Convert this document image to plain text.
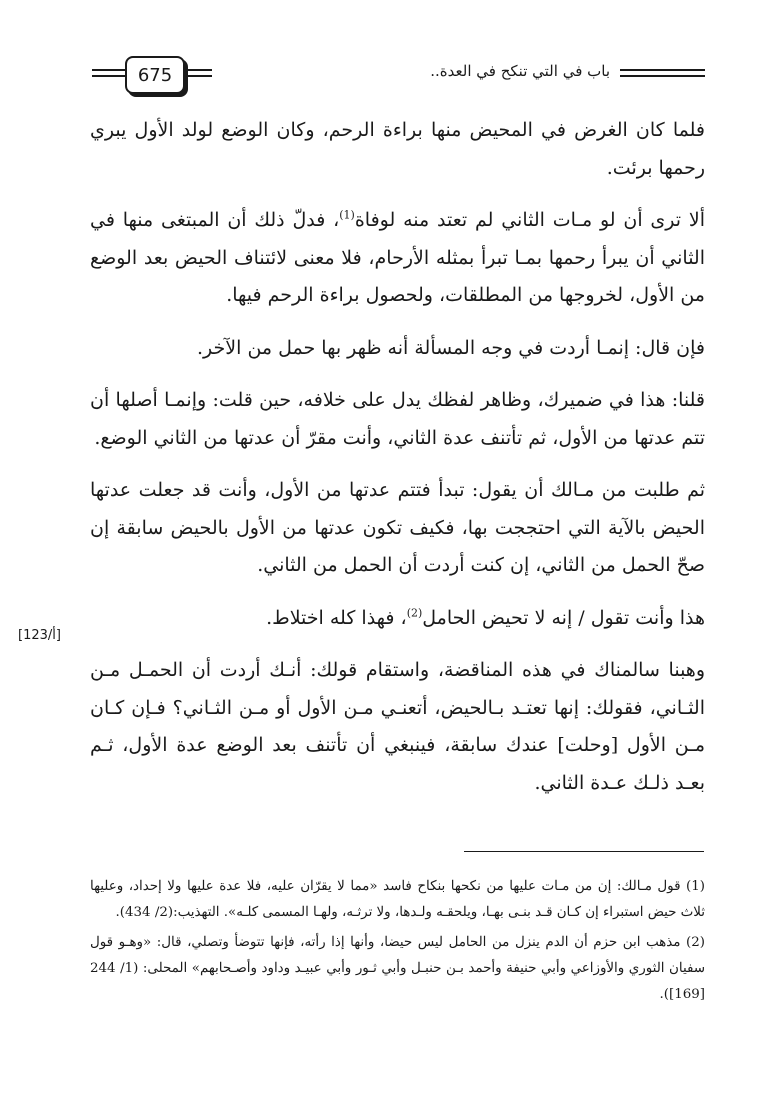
675	باب في التي تنكح في العدة..

فلما كان الغرض في المحيض منها براءة الرحم، وكان الوضع لولد الأول يبري رحمها برئت.

ألا ترى أن لو مـات الثاني لم تعتد منه لوفاة$^{(1)}$، فدلّ ذلك أن المبتغى منها في الثاني أن يبرأ رحمها بمـا تبرأ بمثله الأرحام، فلا معنى لائتناف الحيض بعد الوضع من الأول، لخروجها من المطلقات، ولحصول براءة الرحم فيها.

فإن قال: إنمـا أردت في وجه المسألة أنه ظهر بها حمل من الآخر.

قلنا: هذا في ضميرك، وظاهر لفظك يدل على خلافه، حين قلت: وإنمـا أصلها أن تتم عدتها من الأول، ثم تأتنف عدة الثاني، وأنت مقرّ أن عدتها من الثاني الوضع.

ثم طلبت من مـالك أن يقول: تبدأ فتتم عدتها من الأول، وأنت قد جعلت عدتها الحيض بالآية التي احتججت بها، فكيف تكون عدتها من الأول بالحيض سابقة إن صحّ الحمل من الثاني، إن كنت أردت أن الحمل من الثاني.

هذا وأنت تقول / إنه لا تحيض الحامل$^{(2)}$، فهذا كله اختلاط.

وهبنا سالمناك في هذه المناقضة، واستقام قولك: أنـك أردت أن الحمـل مـن الثـاني، فقولك: إنها تعتـد بـالحيض، أتعنـي مـن الأول أو مـن الثـاني؟ فـإن كـان مـن الأول [وحلت] عندك سابقة، فينبغي أن تأتنف بعد الوضع عدة الأول، ثـم بعـد ذلـك عـدة الثاني.

[123/أ]

(1) قول مـالك: إن من مـات عليها من نكحها بنكاح فاسد «مما لا يقرّان عليه، فلا عدة عليها ولا إحداد، وعليها ثلاث حيض استبراء إن كـان قـد بنـى بهـا، ويلحقـه ولـدها، ولا ترثـه، ولهـا المسمى كلـه». التهذيب:(2/ 434).

(2) مذهب ابن حزم أن الدم ينزل من الحامل ليس حيضا، وأنها إذا رأته، فإنها تتوضأ وتصلي، قال: «وهـو قول سفيان الثوري والأوزاعي وأبي حنيفة وأحمد بـن حنبـل وأبي ثـور وأبي عبيـد وداود وأصـحابهم» المحلى: (1/ 244 [169]).
